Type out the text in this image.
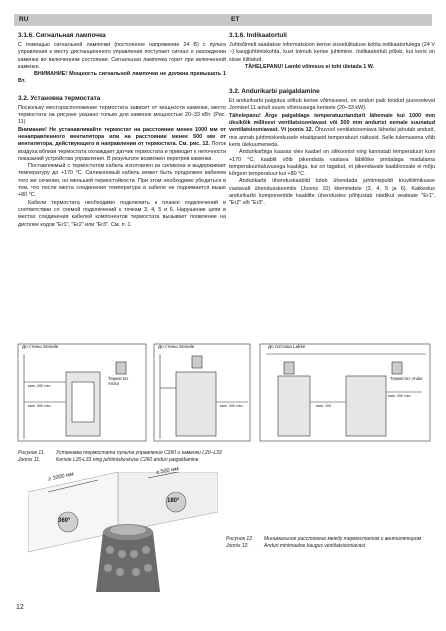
RU	ET
3.1.6. Сигнальная лампочка

С помощью сигнальной лампочки (постоянное напряжение 24 В) с пульта управления к месту дистанционного управления поступает сигнал о нахождении каменки во включенном состоянии. Сигнальная лампочка горит при включенной каменке.

ВНИМАНИЕ! Мощность сигнальной лампочки не должна превышать 1 Вт.

3.2. Установка термостата

Поскольку месторасположение термостата зависит от мощности каменки, место термостата на рисунке указано только для каменок мощностью 20–33 кВт. (Рис. 11)

Внимание! Не устанавливайте термостат на расстоянии менее 1000 мм от ненаправленного вентилятора или на расстоянии менее 500 мм от вентилятора, действующего в направлении от термостата. См. рис. 12. Поток воздуха вблизи термостата охлаждает датчик термостата и приводит к неточности показаний устройства управления. В результате возможен перегрев каменки.

Поставляемый с термостатом кабель изготовлен из силикона и выдерживает температуру до +170 °C. Силиконовый кабель может быть продолжен кабелем того же сечения, но меньшей термостойкости. При этом необходимо убедиться в том, что после места соединения температура в кабеле не поднимается выше +80 °C.

Кабели термостата необходимо подключить к планке подключений в соответствии со схемой подключений к точкам 3, 4, 5 и 6. Нарушение цепи в местах соединения кабелей компонентов термостата вызывает появление на дисплее кодов "Er1", "Er2" или "Er3". См. п. 1

3.1.6. Indikaatortuli

Juhtsõlmelt saadakse informatsioon kerise sisselülitatuse kohta indikaatortulega (24 V ~) kaugjuhtimiskohta, kust toimub kerise juhtimine. Indikaatortuli põleb, kui keris on sisse lülitatud.

TÄHELEPANU! Lambi võimsus ei tohi ületada 1 W.

3.2. Andurikarbi paigaldamine

Et andurikarbi paigutus sõltub kerise võimsusest, on anduri paik toodud juuresoleval Joonisel 11 ainult suure võimsusega kerisele (20–33 kW).

Tähelepanu! Ärge paigaldage temperatuuriandurit lähemale kui 1000 mm üksikõik millisest ventilatsiooniavast või 500 mm andurist eemale suunatud ventilatsiooniavast. Vt joonis 12. Õhuvool ventilatsiooniava lähedal jahutab andurit, mis annab juhtimiskeskusele ebatäpseid temperatuuri näitusid. Selle tulemusena võib keris ülekuumeneda.

Andurikarbiga kaasas olev kaabel on silikoonist ning kannatab temperatuuri kuni +170 °C, kaablit võib pikendada vastava läbilõike pindalaga madalama temperatuuritaluvusega kaabliga, kui on tagatud, et pikendavale kaablioosale ei mõju kõrgem temperatuur kui +80 °C.

Andurikarbi ühenduskaablid tuleb ühendada juhtimispuldi kruviliitmikusse vastavalt ühendusskeemile (Joonis 10) klemmidele (3, 4, 5 ja 6). Katkestus andurikarbi komponentide kaablite ühendustes põhjustab näidikul veateate "Er1", "Er2" või "Er3".

До стены Seinale	До стены Seinale	До потолка Lakke
Термостат Andur
Термостат Andur
мин. 200 min.
мин. 300 min.	мин. 200 min.	мин. 100
мин. 200 min.
Рисунок 11. Установка термостата пульта управления C260 и каменки L20–L33
Joonis 11.	Keriste L20-L33 ning juhtimiskeskuse C260 anduri paigaldamine
≥ 1000 мм
≥ 500 мм
360°
180°
Рисунок 12. Минимальное расстояние между термостатом и вентилятором
Joonis 12.	Anduri minimaalne kaugus ventilatsiooniavast
12
